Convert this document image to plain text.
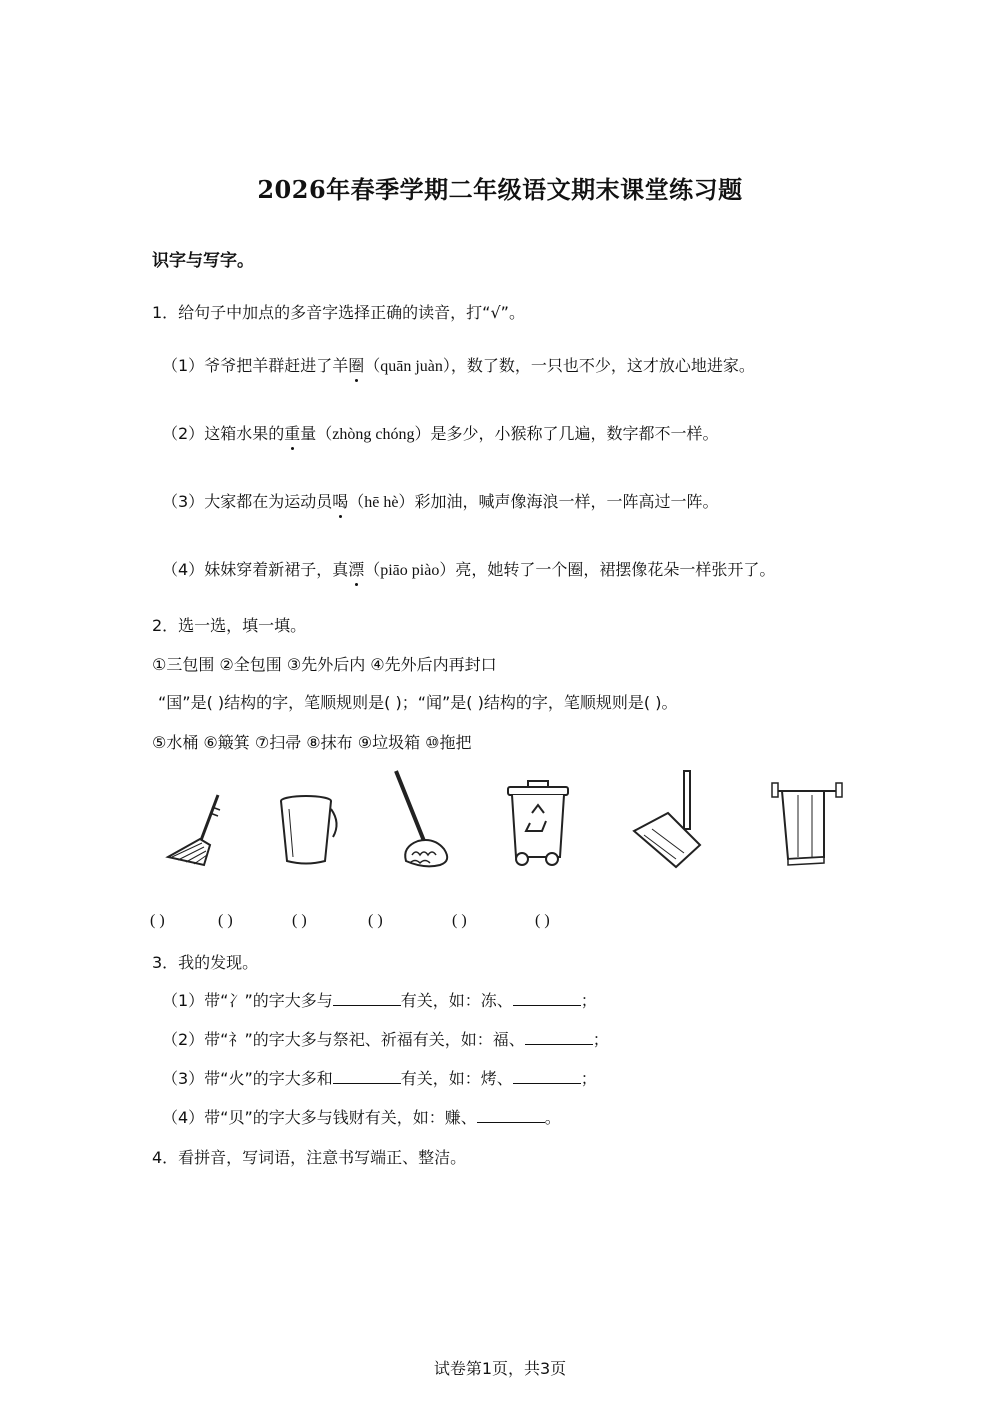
2026年春季学期二年级语文期末课堂练习题
识字与写字。
1．给句子中加点的多音字选择正确的读音，打“√”。
（1）爷爷把羊群赶进了羊圈（quān juàn），数了数，一只也不少，这才放心地进家。
（2）这箱水果的重量（zhòng chóng）是多少，小猴称了几遍，数字都不一样。
（3）大家都在为运动员喝（hē hè）彩加油，喊声像海浪一样，一阵高过一阵。
（4）妹妹穿着新裙子，真漂（piāo piào）亮，她转了一个圈，裙摆像花朵一样张开了。
2．选一选，填一填。
①三包围 ②全包围 ③先外后内 ④先外后内再封口
“国”是( )结构的字，笔顺规则是( )；“闻”是( )结构的字，笔顺规则是( )。
⑤水桶 ⑥簸箕 ⑦扫帚 ⑧抹布 ⑨垃圾箱 ⑩拖把
( )	( )	( )	( )	( )	( )
3．我的发现。
（1）带“冫”的字大多与	有关，如：冻、	；
（2）带“礻”的字大多与祭祀、祈福有关，如：福、	；
（3）带“火”的字大多和	有关，如：烤、	；
（4）带“贝”的字大多与钱财有关，如：赚、	。
4．看拼音，写词语，注意书写端正、整洁。
试卷第1页，共3页
